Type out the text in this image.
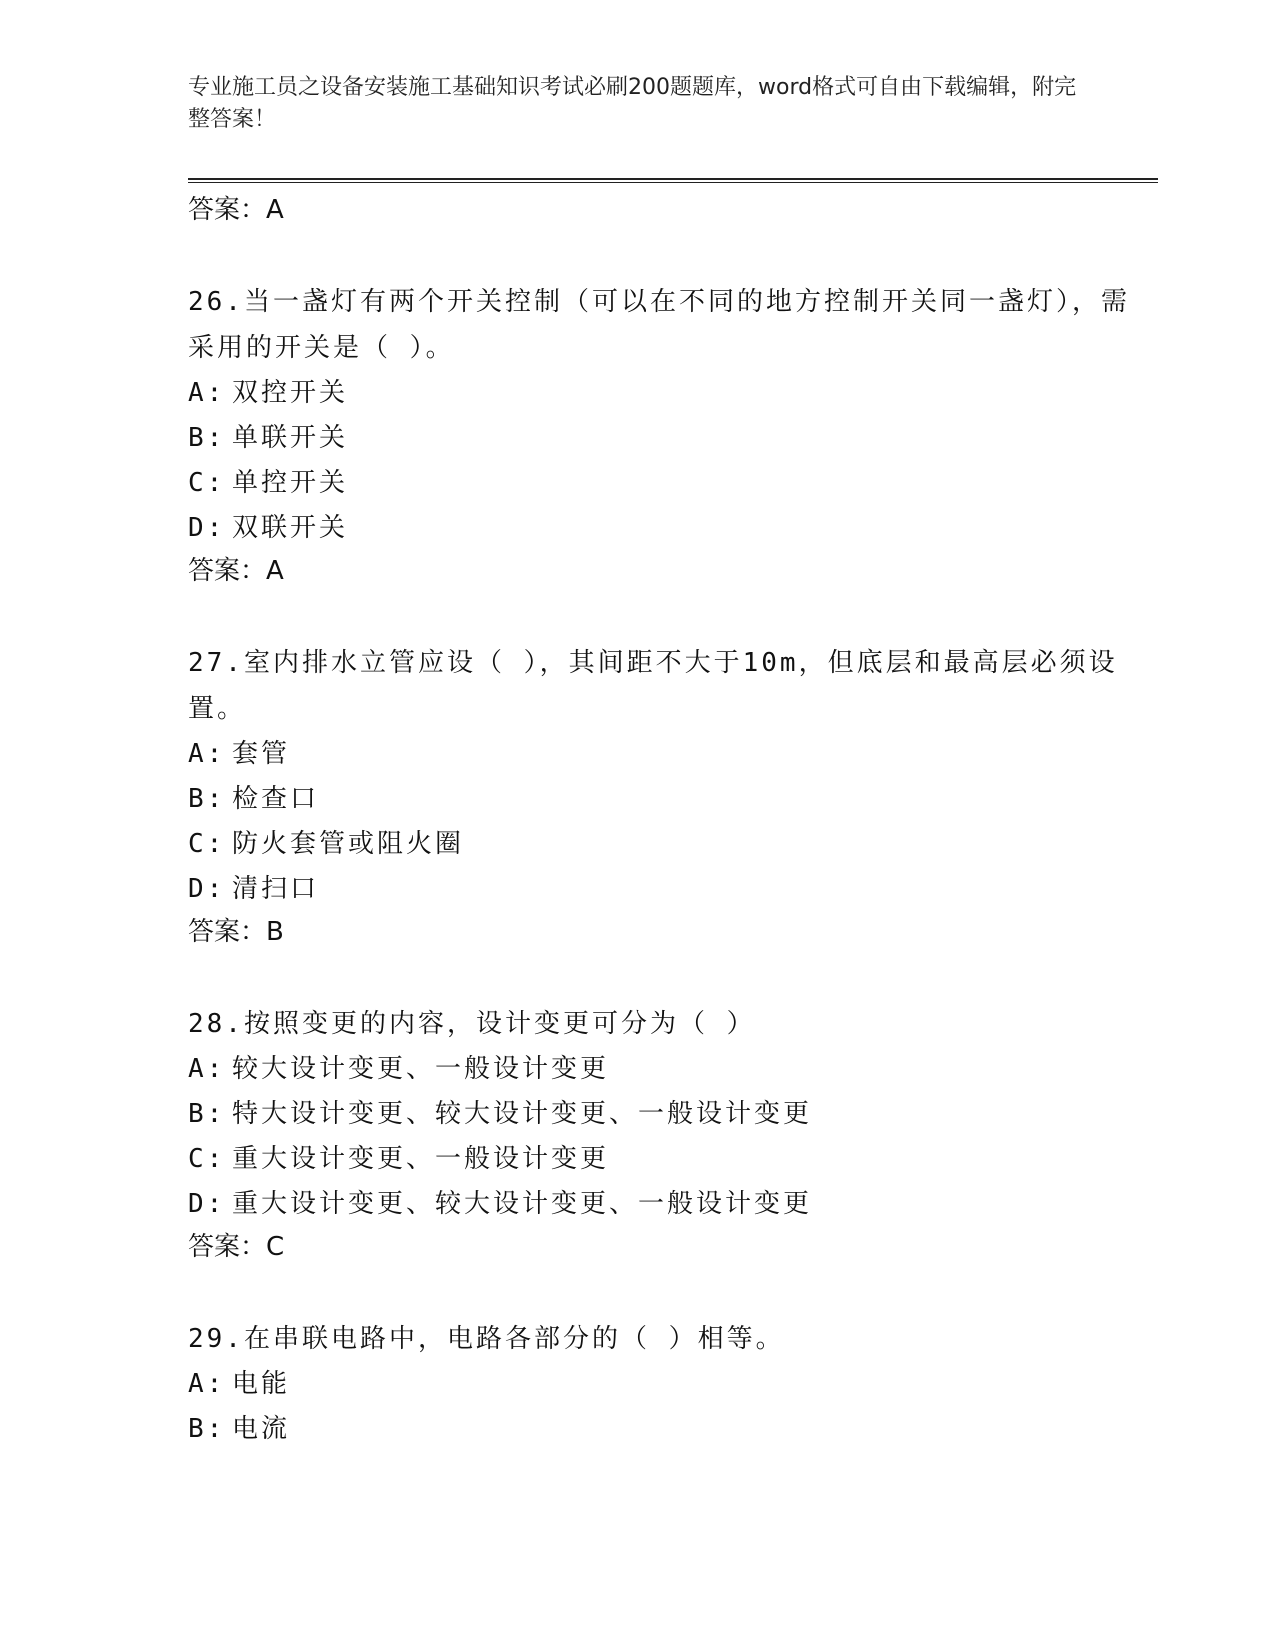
专业施工员之设备安装施工基础知识考试必刷200题题库，word格式可自由下载编辑，附完整答案！
答案：A

26.当一盏灯有两个开关控制（可以在不同的地方控制开关同一盏灯），需采用的开关是（ ）。

A: 双控开关
B: 单联开关
C: 单控开关
D: 双联开关
答案：A

27.室内排水立管应设（ ），其间距不大于10m，但底层和最高层必须设置。

A: 套管
B: 检查口
C: 防火套管或阻火圈
D: 清扫口
答案：B

28.按照变更的内容，设计变更可分为（ ）

A: 较大设计变更、一般设计变更
B: 特大设计变更、较大设计变更、一般设计变更
C: 重大设计变更、一般设计变更
D: 重大设计变更、较大设计变更、一般设计变更
答案：C

29.在串联电路中，电路各部分的（ ）相等。

A: 电能
B: 电流
